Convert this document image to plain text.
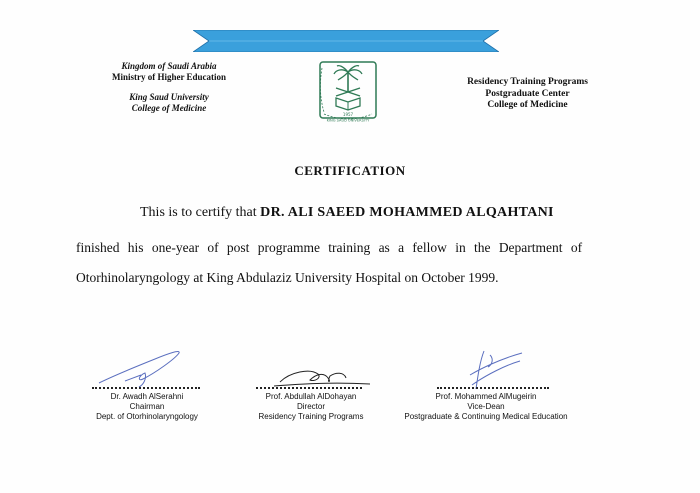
Kingdom of Saudi Arabia
Ministry of Higher Education
King Saud University
College of Medicine
1957
KING SAUD UNIVERSITY
Residency Training Programs
Postgraduate Center
College of Medicine
CERTIFICATION
This is to certify that DR. ALI SAEED MOHAMMED ALQAHTANI
finished his one-year of post programme training as a fellow in the Department of
Otorhinolaryngology at King Abdulaziz University Hospital on October 1999.
Dr. Awadh AlSerahni
Chairman
Dept. of Otorhinolaryngology
Prof. Abdullah AlDohayan
Director
Residency Training Programs
Prof. Mohammed AlMugeirin
Vice-Dean
Postgraduate & Continuing Medical Education
